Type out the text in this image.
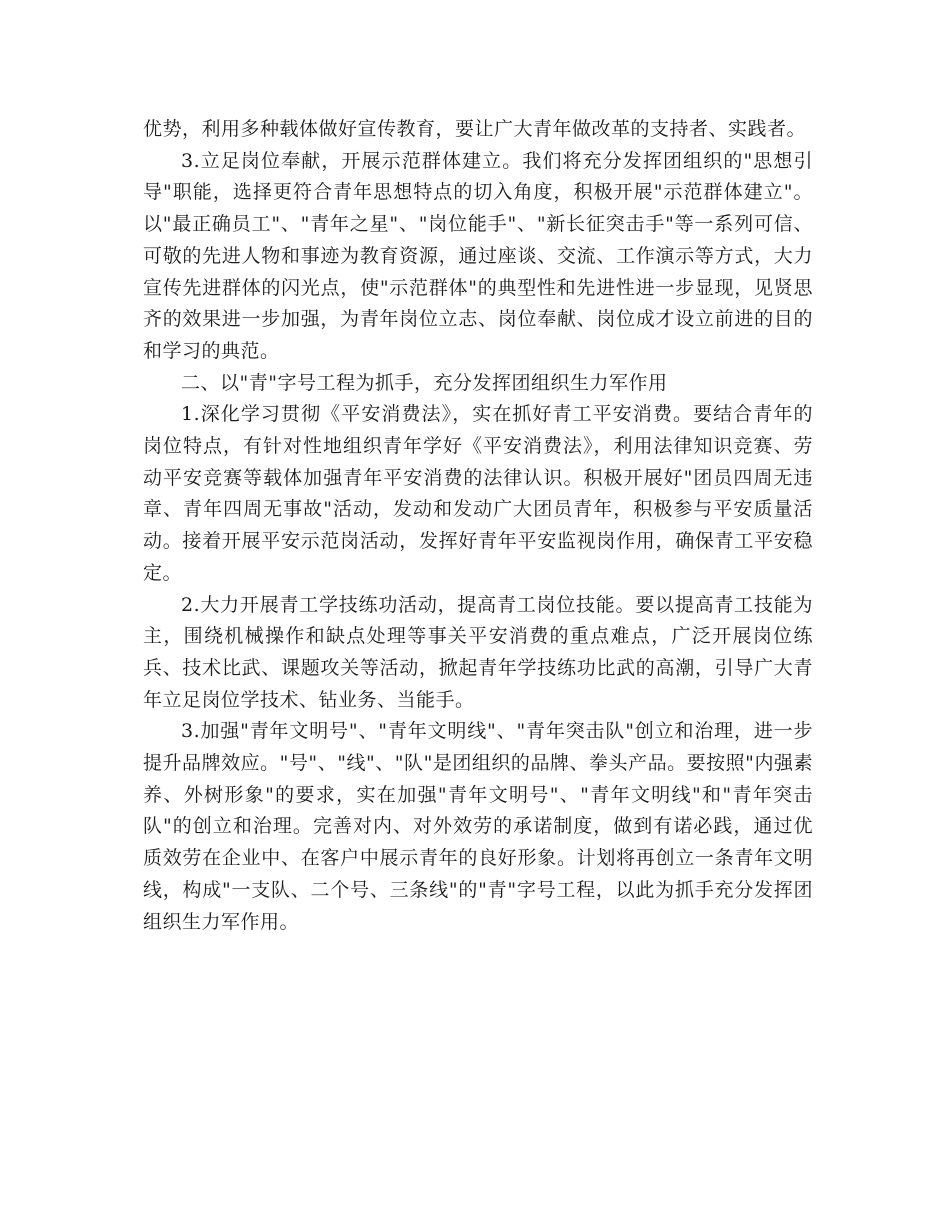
优势，利用多种载体做好宣传教育，要让广大青年做改革的支持者、实践者。

3.立足岗位奉献，开展示范群体建立。我们将充分发挥团组织的"思想引导"职能，选择更符合青年思想特点的切入角度，积极开展"示范群体建立"。以"最正确员工"、"青年之星"、"岗位能手"、"新长征突击手"等一系列可信、可敬的先进人物和事迹为教育资源，通过座谈、交流、工作演示等方式，大力宣传先进群体的闪光点，使"示范群体"的典型性和先进性进一步显现，见贤思齐的效果进一步加强，为青年岗位立志、岗位奉献、岗位成才设立前进的目的和学习的典范。

二、以"青"字号工程为抓手，充分发挥团组织生力军作用

1.深化学习贯彻《平安消费法》，实在抓好青工平安消费。要结合青年的岗位特点，有针对性地组织青年学好《平安消费法》，利用法律知识竞赛、劳动平安竞赛等载体加强青年平安消费的法律认识。积极开展好"团员四周无违章、青年四周无事故"活动，发动和发动广大团员青年，积极参与平安质量活动。接着开展平安示范岗活动，发挥好青年平安监视岗作用，确保青工平安稳定。

2.大力开展青工学技练功活动，提高青工岗位技能。要以提高青工技能为主，围绕机械操作和缺点处理等事关平安消费的重点难点，广泛开展岗位练兵、技术比武、课题攻关等活动，掀起青年学技练功比武的高潮，引导广大青年立足岗位学技术、钻业务、当能手。

3.加强"青年文明号"、"青年文明线"、"青年突击队"创立和治理，进一步提升品牌效应。"号"、"线"、"队"是团组织的品牌、拳头产品。要按照"内强素养、外树形象"的要求，实在加强"青年文明号"、"青年文明线"和"青年突击队"的创立和治理。完善对内、对外效劳的承诺制度，做到有诺必践，通过优质效劳在企业中、在客户中展示青年的良好形象。计划将再创立一条青年文明线，构成"一支队、二个号、三条线"的"青"字号工程，以此为抓手充分发挥团组织生力军作用。
